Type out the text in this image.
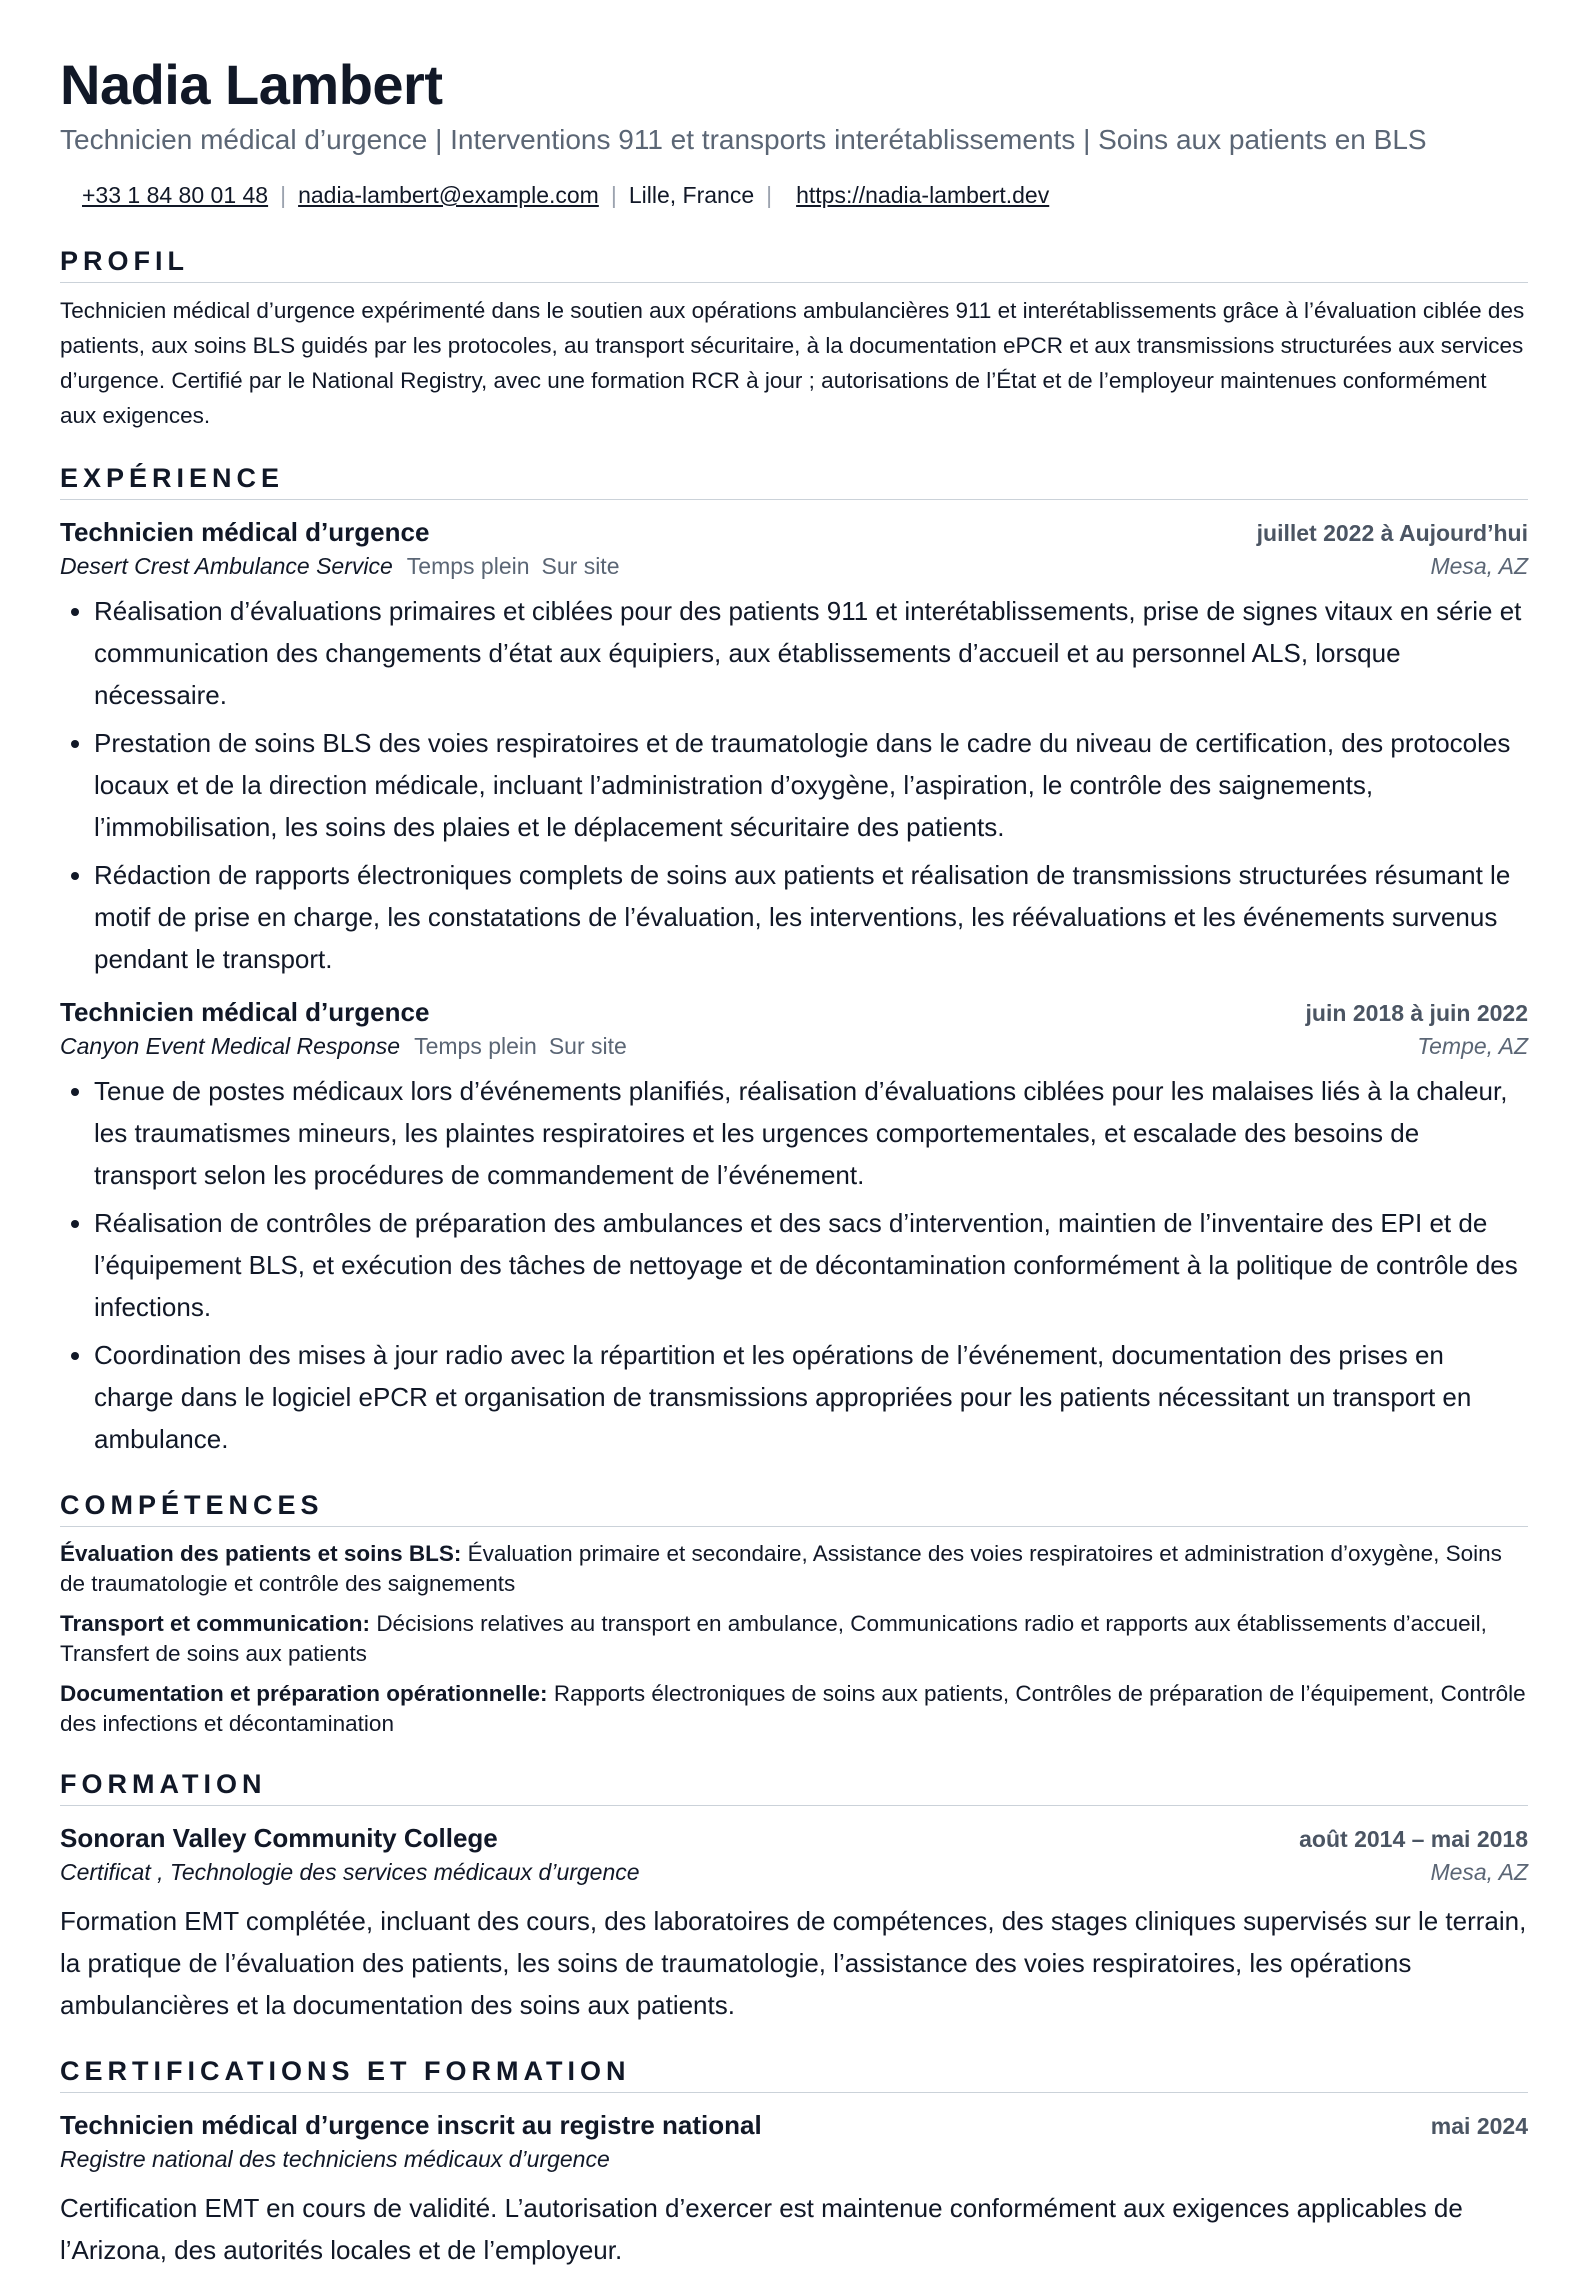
Nadia Lambert
Technicien médical d’urgence | Interventions 911 et transports interétablissements | Soins aux patients en BLS
+33 1 84 80 01 48 | nadia-lambert@example.com | Lille, France | https://nadia-lambert.dev
PROFIL
Technicien médical d’urgence expérimenté dans le soutien aux opérations ambulancières 911 et interétablissements grâce à l’évaluation ciblée des patients, aux soins BLS guidés par les protocoles, au transport sécuritaire, à la documentation ePCR et aux transmissions structurées aux services d’urgence. Certifié par le National Registry, avec une formation RCR à jour ; autorisations de l’État et de l’employeur maintenues conformément aux exigences.
EXPÉRIENCE
Technicien médical d’urgence	juillet 2022 à Aujourd’hui
Desert Crest Ambulance Service Temps plein Sur site	Mesa, AZ
• Réalisation d’évaluations primaires et ciblées pour des patients 911 et interétablissements, prise de signes vitaux en série et communication des changements d’état aux équipiers, aux établissements d’accueil et au personnel ALS, lorsque nécessaire.
• Prestation de soins BLS des voies respiratoires et de traumatologie dans le cadre du niveau de certification, des protocoles locaux et de la direction médicale, incluant l’administration d’oxygène, l’aspiration, le contrôle des saignements, l’immobilisation, les soins des plaies et le déplacement sécuritaire des patients.
• Rédaction de rapports électroniques complets de soins aux patients et réalisation de transmissions structurées résumant le motif de prise en charge, les constatations de l’évaluation, les interventions, les réévaluations et les événements survenus pendant le transport.
Technicien médical d’urgence	juin 2018 à juin 2022
Canyon Event Medical Response Temps plein Sur site	Tempe, AZ
• Tenue de postes médicaux lors d’événements planifiés, réalisation d’évaluations ciblées pour les malaises liés à la chaleur, les traumatismes mineurs, les plaintes respiratoires et les urgences comportementales, et escalade des besoins de transport selon les procédures de commandement de l’événement.
• Réalisation de contrôles de préparation des ambulances et des sacs d’intervention, maintien de l’inventaire des EPI et de l’équipement BLS, et exécution des tâches de nettoyage et de décontamination conformément à la politique de contrôle des infections.
• Coordination des mises à jour radio avec la répartition et les opérations de l’événement, documentation des prises en charge dans le logiciel ePCR et organisation de transmissions appropriées pour les patients nécessitant un transport en ambulance.
COMPÉTENCES
Évaluation des patients et soins BLS: Évaluation primaire et secondaire, Assistance des voies respiratoires et administration d’oxygène, Soins de traumatologie et contrôle des saignements
Transport et communication: Décisions relatives au transport en ambulance, Communications radio et rapports aux établissements d’accueil, Transfert de soins aux patients
Documentation et préparation opérationnelle: Rapports électroniques de soins aux patients, Contrôles de préparation de l’équipement, Contrôle des infections et décontamination
FORMATION
Sonoran Valley Community College	août 2014 – mai 2018
Certificat , Technologie des services médicaux d’urgence	Mesa, AZ
Formation EMT complétée, incluant des cours, des laboratoires de compétences, des stages cliniques supervisés sur le terrain, la pratique de l’évaluation des patients, les soins de traumatologie, l’assistance des voies respiratoires, les opérations ambulancières et la documentation des soins aux patients.
CERTIFICATIONS ET FORMATION
Technicien médical d’urgence inscrit au registre national	mai 2024
Registre national des techniciens médicaux d’urgence
Certification EMT en cours de validité. L’autorisation d’exercer est maintenue conformément aux exigences applicables de l’Arizona, des autorités locales et de l’employeur.
